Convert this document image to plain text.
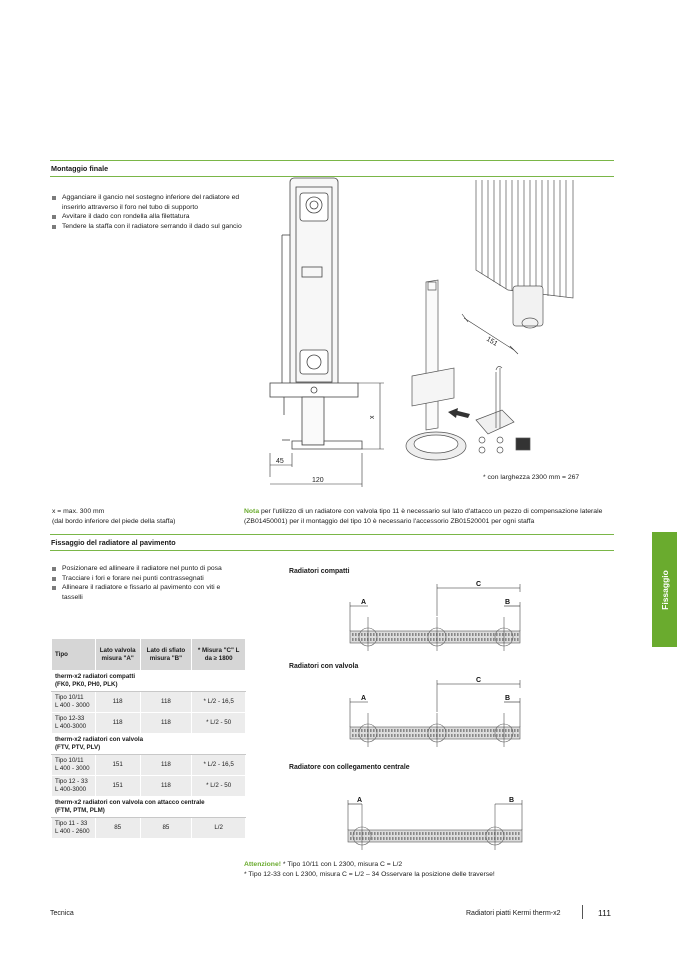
Montaggio finale
Agganciare il gancio nel sostegno inferiore del radiatore ed inserirlo attraverso il foro nel tubo di supporto
Avvitare il dado con rondella alla filettatura
Tendere la staffa con il radiatore serrando il dado sul gancio
x
45
120
151
* con larghezza 2300 mm = 267
x = max. 300 mm
(dal bordo inferiore del piede della staffa)
Nota per l'utilizzo di un radiatore con valvola tipo 11 è necessario sul lato d'attacco un pezzo di compensazione laterale (ZB01450001) per il montaggio del tipo 10 è necessario l'accessorio ZB01520001 per ogni staffa
Fissaggio del radiatore al pavimento
Posizionare ed allineare il radiatore nel punto di posa
Tracciare i fori e forare nei punti contrassegnati
Allineare il radiatore e fissarlo al pavimento con viti e tasselli
Tipo	Lato valvola misura "A"	Lato di sfiato misura "B"	* Misura "C" L da ≥ 1800

therm-x2 radiatori compatti
(FK0, PK0, PH0, PLK)			

Tipo 10/11
L 400 - 3000	118	118	* L/2 - 16,5

Tipo 12-33
L 400-3000	118	118	* L/2 - 50

therm-x2 radiatori con valvola
(FTV, PTV, PLV)			

Tipo 10/11
L 400 - 3000	151	118	* L/2 - 16,5

Tipo 12 - 33
L 400-3000	151	118	* L/2 - 50

therm-x2 radiatori con valvola con attacco centrale
(FTM, PTM, PLM)			

Tipo 11 - 33
L 400 - 2600	85	85	L/2
Radiatori compatti
C
A	B
Radiatori con valvola
C
A	B
Radiatore con collegamento centrale
A	B
Attenzione! * Tipo 10/11 con L 2300, misura C = L/2
* Tipo 12-33 con L 2300, misura C = L/2 – 34 Osservare la posizione delle traverse!
Fissaggio
Tecnica	Radiatori piatti Kermi therm-x2	111
